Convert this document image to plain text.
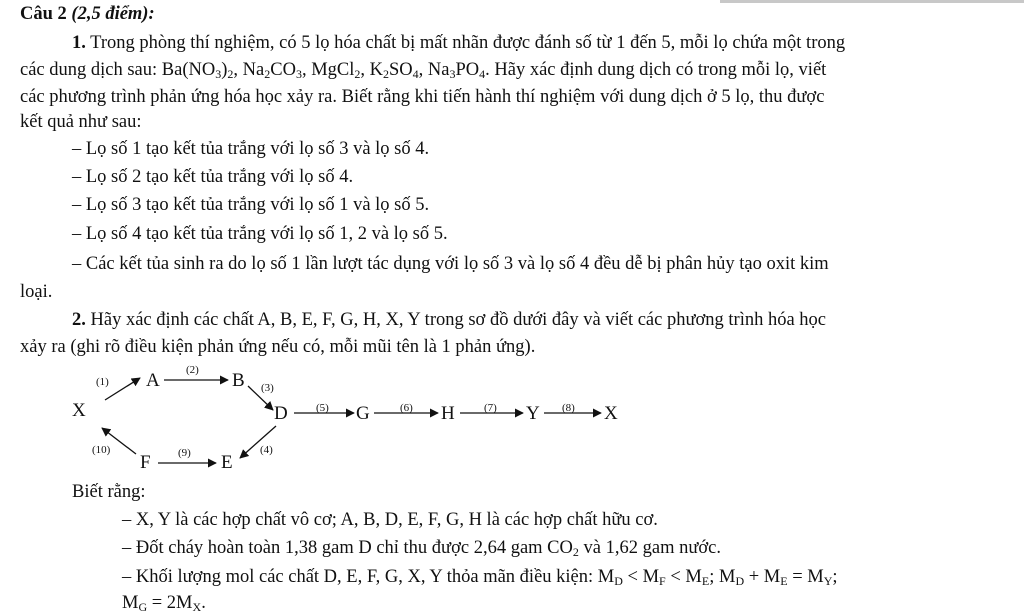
Câu 2 (2,5 điểm):
1. Trong phòng thí nghiệm, có 5 lọ hóa chất bị mất nhãn được đánh số từ 1 đến 5, mỗi lọ chứa một trong
các dung dịch sau: $Ba(NO_3)_2$, $Na_2CO_3$, MgCl$_2$, $K_2SO_4$, $Na_3PO_4$. Hãy xác định dung dịch có trong mỗi lọ, viết
các phương trình phản ứng hóa học xảy ra. Biết rằng khi tiến hành thí nghiệm với dung dịch ở 5 lọ, thu được
kết quả như sau:
– Lọ số 1 tạo kết tủa trắng với lọ số 3 và lọ số 4.
– Lọ số 2 tạo kết tủa trắng với lọ số 4.
– Lọ số 3 tạo kết tủa trắng với lọ số 1 và lọ số 5.
– Lọ số 4 tạo kết tủa trắng với lọ số 1, 2 và lọ số 5.
– Các kết tủa sinh ra do lọ số 1 lần lượt tác dụng với lọ số 3 và lọ số 4 đều dễ bị phân hủy tạo oxit kim
loại.
2. Hãy xác định các chất A, B, E, F, G, H, X, Y trong sơ đồ dưới đây và viết các phương trình hóa học
xảy ra (ghi rõ điều kiện phản ứng nếu có, mỗi mũi tên là 1 phản ứng).
X
A	B
D	G	H	Y	X
F	E
(1)
(2)
(3)
(4)
(5)	(6)	(7)	(8)
(10)	(9)
Biết rằng:
– X, Y là các hợp chất vô cơ; A, B, D, E, F, G, H là các hợp chất hữu cơ.
– Đốt cháy hoàn toàn 1,38 gam D chỉ thu được 2,64 gam $CO_2$ và 1,62 gam nước.
– Khối lượng mol các chất D, E, F, G, X, Y thỏa mãn điều kiện: $M_D < M_F < M_E$; $M_D + M_E = M_Y$;
$M_G = 2M_X$.
